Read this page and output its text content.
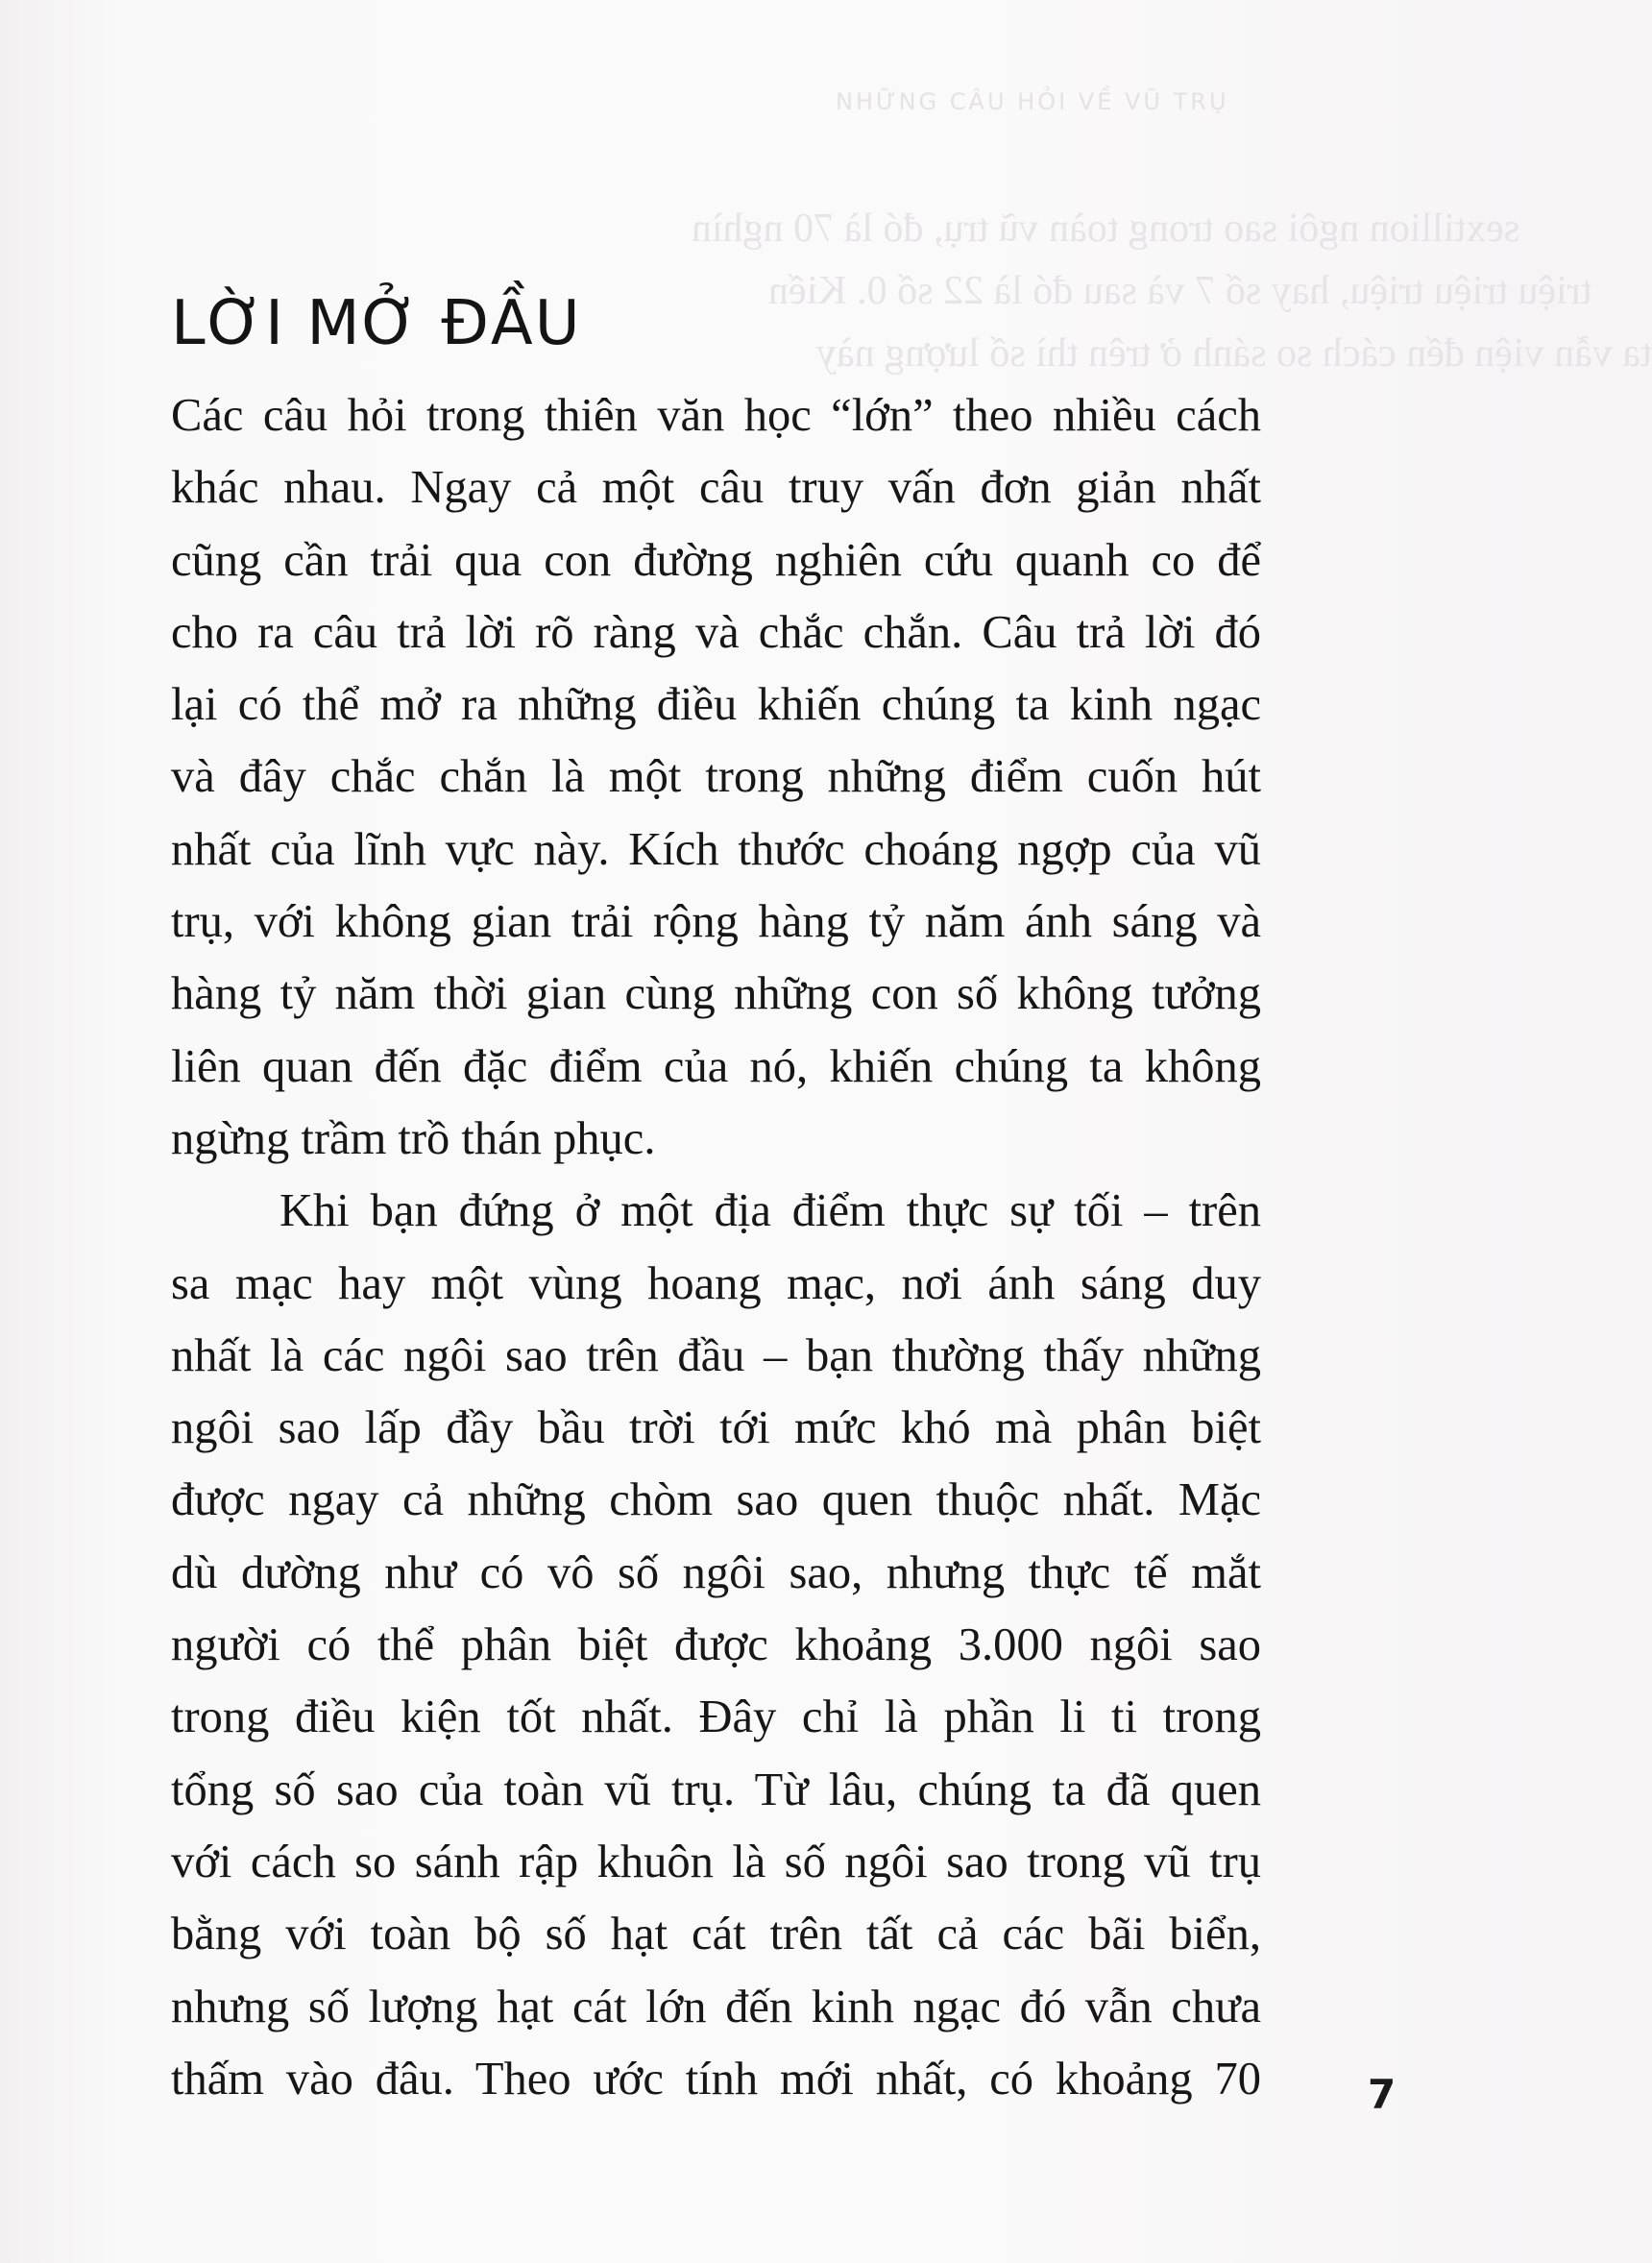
NHỮNG CÂU HỎI VỀ VŨ TRỤ
sextillion ngôi sao trong toàn vũ trụ, đó là 70 nghìn
triệu triệu triệu, hay số 7 và sau đó là 22 số 0. Kiến
ta vẫn viện đến cách so sánh ở trên thì số lượng này
LỜI MỞ ĐẦU

Các câu hỏi trong thiên văn học “lớn” theo nhiều cách

khác nhau. Ngay cả một câu truy vấn đơn giản nhất

cũng cần trải qua con đường nghiên cứu quanh co để

cho ra câu trả lời rõ ràng và chắc chắn. Câu trả lời đó

lại có thể mở ra những điều khiến chúng ta kinh ngạc

và đây chắc chắn là một trong những điểm cuốn hút

nhất của lĩnh vực này. Kích thước choáng ngợp của vũ

trụ, với không gian trải rộng hàng tỷ năm ánh sáng và

hàng tỷ năm thời gian cùng những con số không tưởng

liên quan đến đặc điểm của nó, khiến chúng ta không

ngừng trầm trồ thán phục.

Khi bạn đứng ở một địa điểm thực sự tối – trên

sa mạc hay một vùng hoang mạc, nơi ánh sáng duy

nhất là các ngôi sao trên đầu – bạn thường thấy những

ngôi sao lấp đầy bầu trời tới mức khó mà phân biệt

được ngay cả những chòm sao quen thuộc nhất. Mặc

dù dường như có vô số ngôi sao, nhưng thực tế mắt

người có thể phân biệt được khoảng 3.000 ngôi sao

trong điều kiện tốt nhất. Đây chỉ là phần li ti trong

tổng số sao của toàn vũ trụ. Từ lâu, chúng ta đã quen

với cách so sánh rập khuôn là số ngôi sao trong vũ trụ

bằng với toàn bộ số hạt cát trên tất cả các bãi biển,

nhưng số lượng hạt cát lớn đến kinh ngạc đó vẫn chưa

thấm vào đâu. Theo ước tính mới nhất, có khoảng 70	7
